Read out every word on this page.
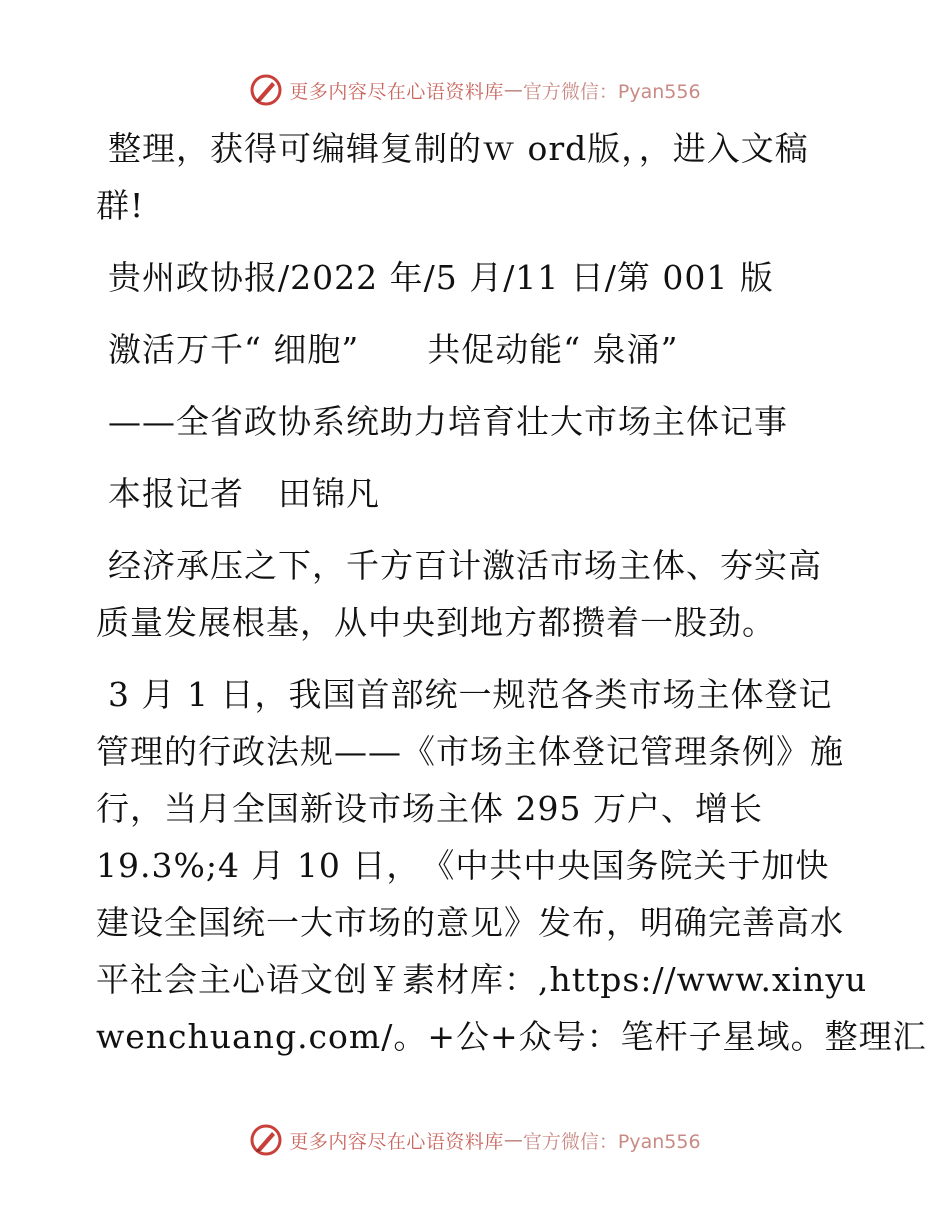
更多内容尽在心语资料库 — 官方微信：Pyan556

整理，获得可编辑复制的ｗ ord版，，进入文稿
群!

贵州政协报/2022 年/5 月/11 日/第 001 版

激活万千“ 细胞”　　共促动能“ 泉涌”

——全省政协系统助力培育壮大市场主体记事

本报记者　田锦凡

经济承压之下，千方百计激活市场主体、夯实高
质量发展根基，从中央到地方都攒着一股劲。

3 月 1 日，我国首部统一规范各类市场主体登记
管理的行政法规——《市场主体登记管理条例》施
行，当月全国新设市场主体 295 万户、增长
19.3%;4 月 10 日，　《中共中央国务院关于加快
建设全国统一大市场的意见》发布，明确完善高水
平社会主心语文创￥素材库：,https://www.xinyu
wenchuang.com/。+公+众号：笔杆子星域。整理汇

更多内容尽在心语资料库 — 官方微信：Pyan556
